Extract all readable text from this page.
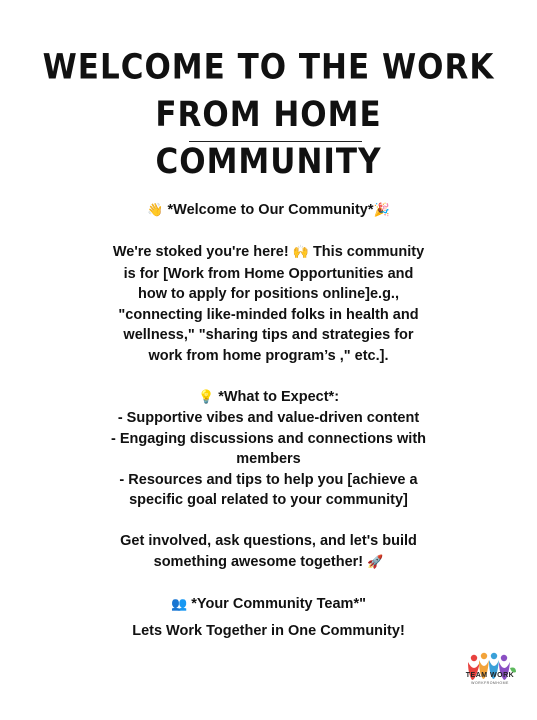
WELCOME TO THE WORK FROM HOME
COMMUNITY
👋 *Welcome to Our Community*🎉
We're stoked you're here! 🙌 This community
is for [Work from Home Opportunities and
how to apply for positions online]e.g.,
"connecting like-minded folks in health and
wellness," "sharing tips and strategies for
work from home program’s ," etc.].
💡 *What to Expect*:
- Supportive vibes and value-driven content
- Engaging discussions and connections with
members
- Resources and tips to help you [achieve a
specific goal related to your community]
Get involved, ask questions, and let's build
something awesome together! 🚀
👥 *Your Community Team*"
Lets Work Together in One Community!
TEAM WORK
WORKFROMHOME
